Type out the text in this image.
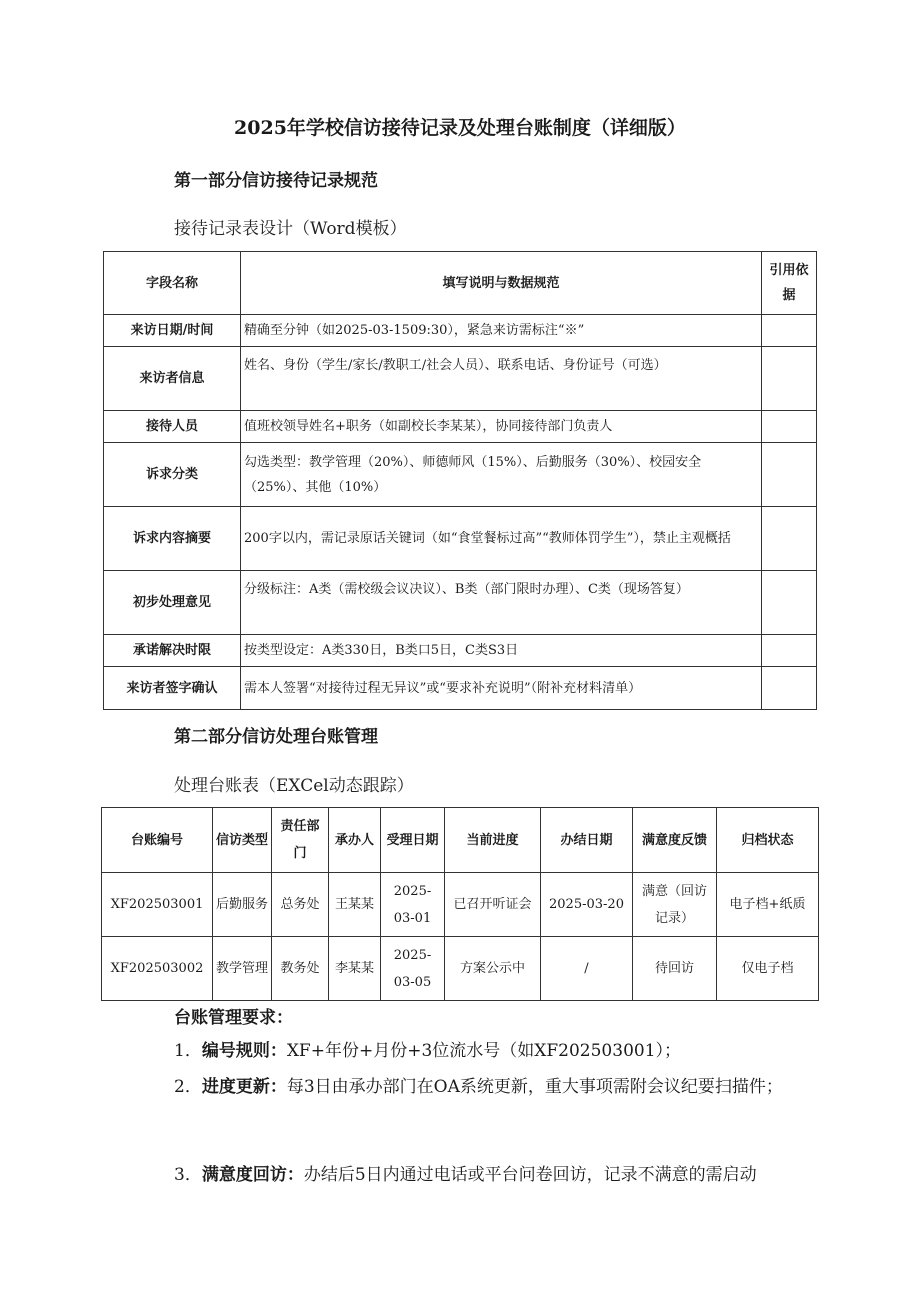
2025年学校信访接待记录及处理台账制度（详细版）
第一部分信访接待记录规范
接待记录表设计（Word模板）
字段名称	填写说明与数据规范	引用依据
来访日期/时间	精确至分钟（如2025-03-1509:30），紧急来访需标注“※”	
来访者信息	姓名、身份（学生/家长/教职工/社会人员）、联系电话、身份证号（可选）	
接待人员	值班校领导姓名+职务（如副校长李某某），协同接待部门负责人	
诉求分类	勾选类型：教学管理（20%）、师德师风（15%）、后勤服务（30%）、校园安全（25%）、其他（10%）	
诉求内容摘要	200字以内，需记录原话关键词（如“食堂餐标过高”“教师体罚学生”），禁止主观概括	
初步处理意见	分级标注：A类（需校级会议决议）、B类（部门限时办理）、C类（现场答复）	
承诺解决时限	按类型设定：A类330日，B类口5日，C类S3日	
来访者签字确认	需本人签署“对接待过程无异议”或“要求补充说明”（附补充材料清单）	
第二部分信访处理台账管理
处理台账表（EXCel动态跟踪）
台账编号	信访类型	责任部门	承办人	受理日期	当前进度	办结日期	满意度反馈	归档状态
XF202503001	后勤服务	总务处	王某某	2025-03-01	已召开听证会	2025-03-20	满意（回访记录）	电子档+纸质
XF202503002	教学管理	教务处	李某某	2025-03-05	方案公示中	/	待回访	仅电子档
台账管理要求：
1．编号规则：XF+年份+月份+3位流水号（如XF202503001）；
2．进度更新：每3日由承办部门在OA系统更新，重大事项需附会议纪要扫描件；
3．满意度回访：办结后5日内通过电话或平台问卷回访，记录不满意的需启动
